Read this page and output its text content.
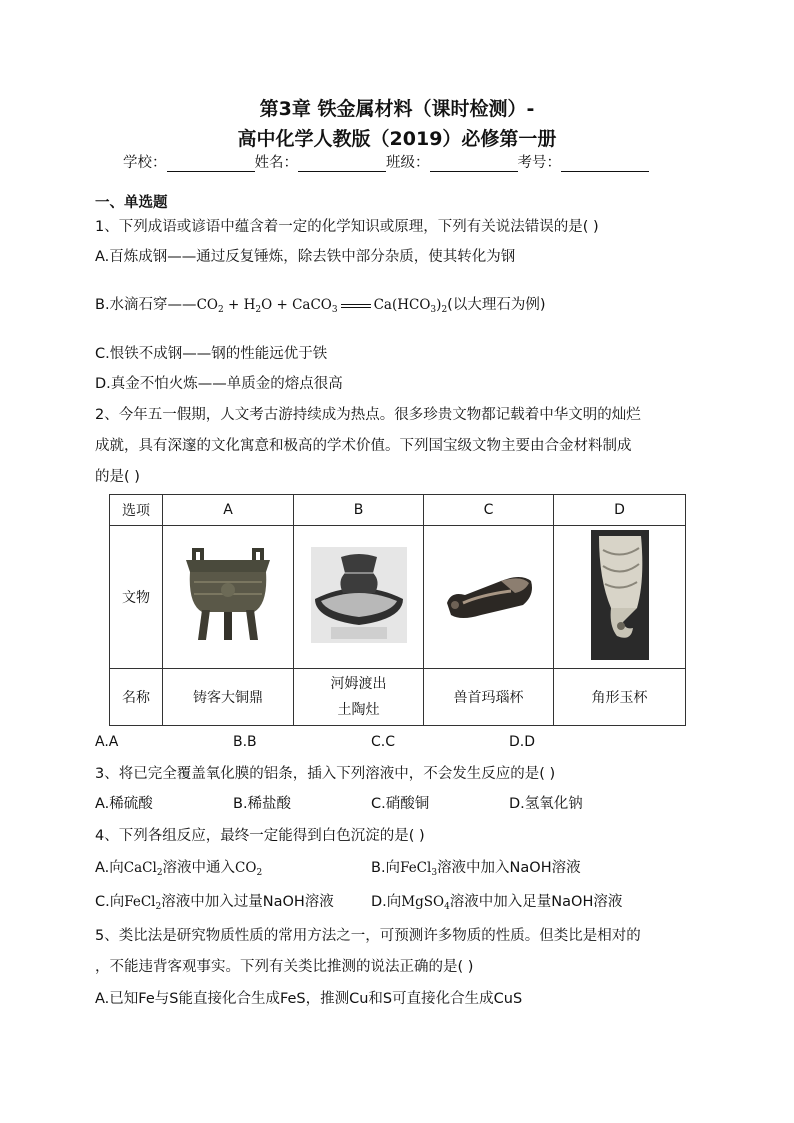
第3章 铁金属材料（课时检测）-
高中化学人教版（2019）必修第一册
学校：	姓名：	班级：	考号：
一、单选题
1、下列成语或谚语中蕴含着一定的化学知识或原理，下列有关说法错误的是( )
A.百炼成钢——通过反复锤炼，除去铁中部分杂质，使其转化为钢
B.水滴石穿$——CO_2 + H_2O$ + CaCO$_3$	$Ca(HCO_3)_2$(以大理石为例)
C.恨铁不成钢——钢的性能远优于铁
D.真金不怕火炼——单质金的熔点很高
2、今年五一假期，人文考古游持续成为热点。很多珍贵文物都记载着中华文明的灿烂
成就，具有深邃的文化寓意和极高的学术价值。下列国宝级文物主要由合金材料制成
的是( )
选项	A	B	C	D
文物				
名称	铸客大铜鼎	河姆渡出
土陶灶	兽首玛瑙杯	角形玉杯
A.A	B.B	C.C	D.D
3、将已完全覆盖氧化膜的铝条，插入下列溶液中，不会发生反应的是( )
A.稀硫酸	B.稀盐酸	C.硝酸铜	D.氢氧化钠
4、下列各组反应，最终一定能得到白色沉淀的是( )
A.向CaCl$_2$溶液中通入$CO_2$	B.向FeCl$_3$溶液中加入NaOH溶液
C.向FeCl$_2$溶液中加入过量NaOH溶液	D.向MgSO$_4$溶液中加入足量NaOH溶液
5、类比法是研究物质性质的常用方法之一，可预测许多物质的性质。但类比是相对的
，不能违背客观事实。下列有关类比推测的说法正确的是( )
A.已知Fe与S能直接化合生成FeS，推测Cu和S可直接化合生成CuS
